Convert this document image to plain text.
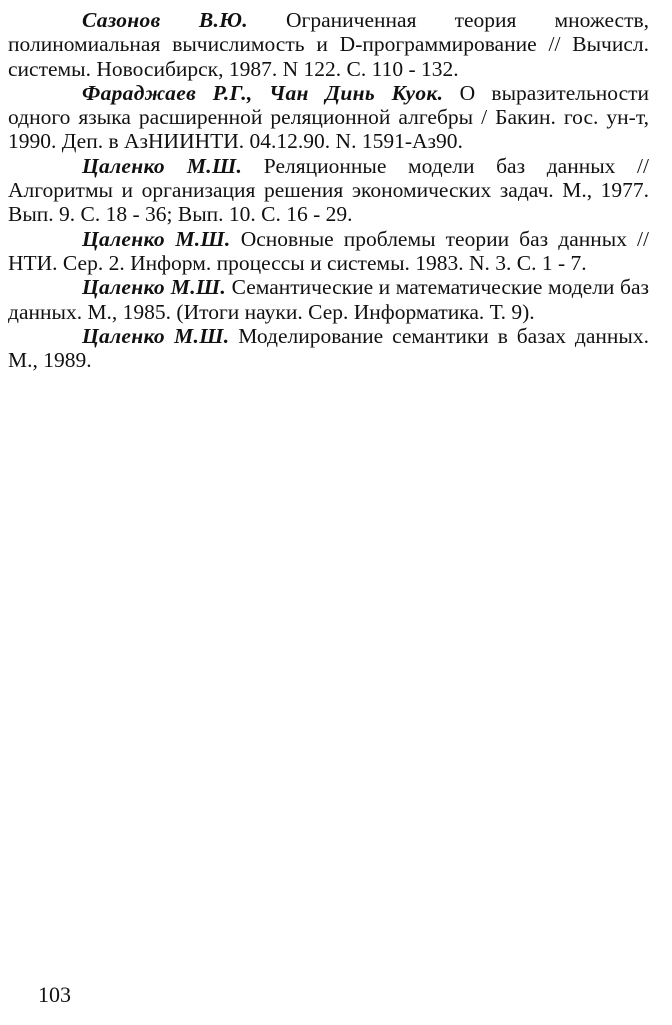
Сазонов В.Ю. Ограниченная теория множеств, полиномиальная вычислимость и D-программирование // Вычисл. системы. Новосибирск, 1987. N 122. С. 110 - 132.

Фараджаев Р.Г., Чан Динь Куок. О выразительности одного языка расширенной реляционной алгебры / Бакин. гос. ун-т, 1990. Деп. в АзНИИНТИ. 04.12.90. N. 1591-Аз90.

Цаленко М.Ш. Реляционные модели баз данных // Алгоритмы и организация решения экономических задач. М., 1977. Вып. 9. С. 18 - 36; Вып. 10. С. 16 - 29.

Цаленко М.Ш. Основные проблемы теории баз данных // НТИ. Сер. 2. Информ. процессы и системы. 1983. N. 3. С. 1 - 7.

Цаленко М.Ш. Семантические и математические модели баз данных. М., 1985. (Итоги науки. Сер. Информатика. Т. 9).

Цаленко М.Ш. Моделирование семантики в базах данных. М., 1989.

103
